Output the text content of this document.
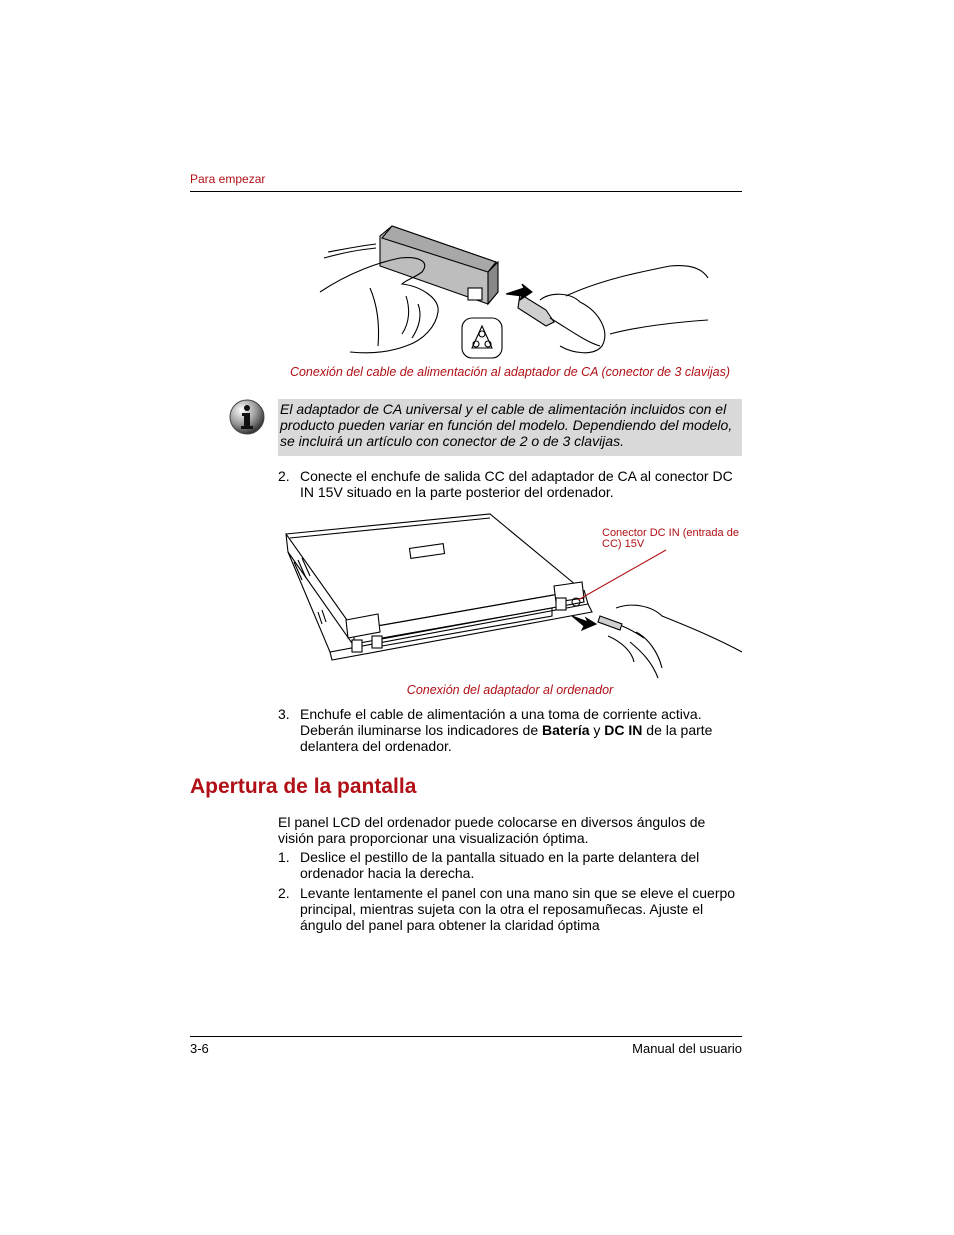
Para empezar
Conexión del cable de alimentación al adaptador de CA (conector de 3 clavijas)
El adaptador de CA universal y el cable de alimentación incluidos con el producto pueden variar en función del modelo. Dependiendo del modelo, se incluirá un artículo con conector de 2 o de 3 clavijas.
2. Conecte el enchufe de salida CC del adaptador de CA al conector DC IN 15V situado en la parte posterior del ordenador.
Conector DC IN (entrada de CC) 15V
Conexión del adaptador al ordenador
3. Enchufe el cable de alimentación a una toma de corriente activa. Deberán iluminarse los indicadores de Batería y DC IN de la parte delantera del ordenador.
Apertura de la pantalla
El panel LCD del ordenador puede colocarse en diversos ángulos de visión para proporcionar una visualización óptima.
1. Deslice el pestillo de la pantalla situado en la parte delantera del ordenador hacia la derecha.
2. Levante lentamente el panel con una mano sin que se eleve el cuerpo principal, mientras sujeta con la otra el reposamuñecas. Ajuste el ángulo del panel para obtener la claridad óptima
3-6	Manual del usuario
